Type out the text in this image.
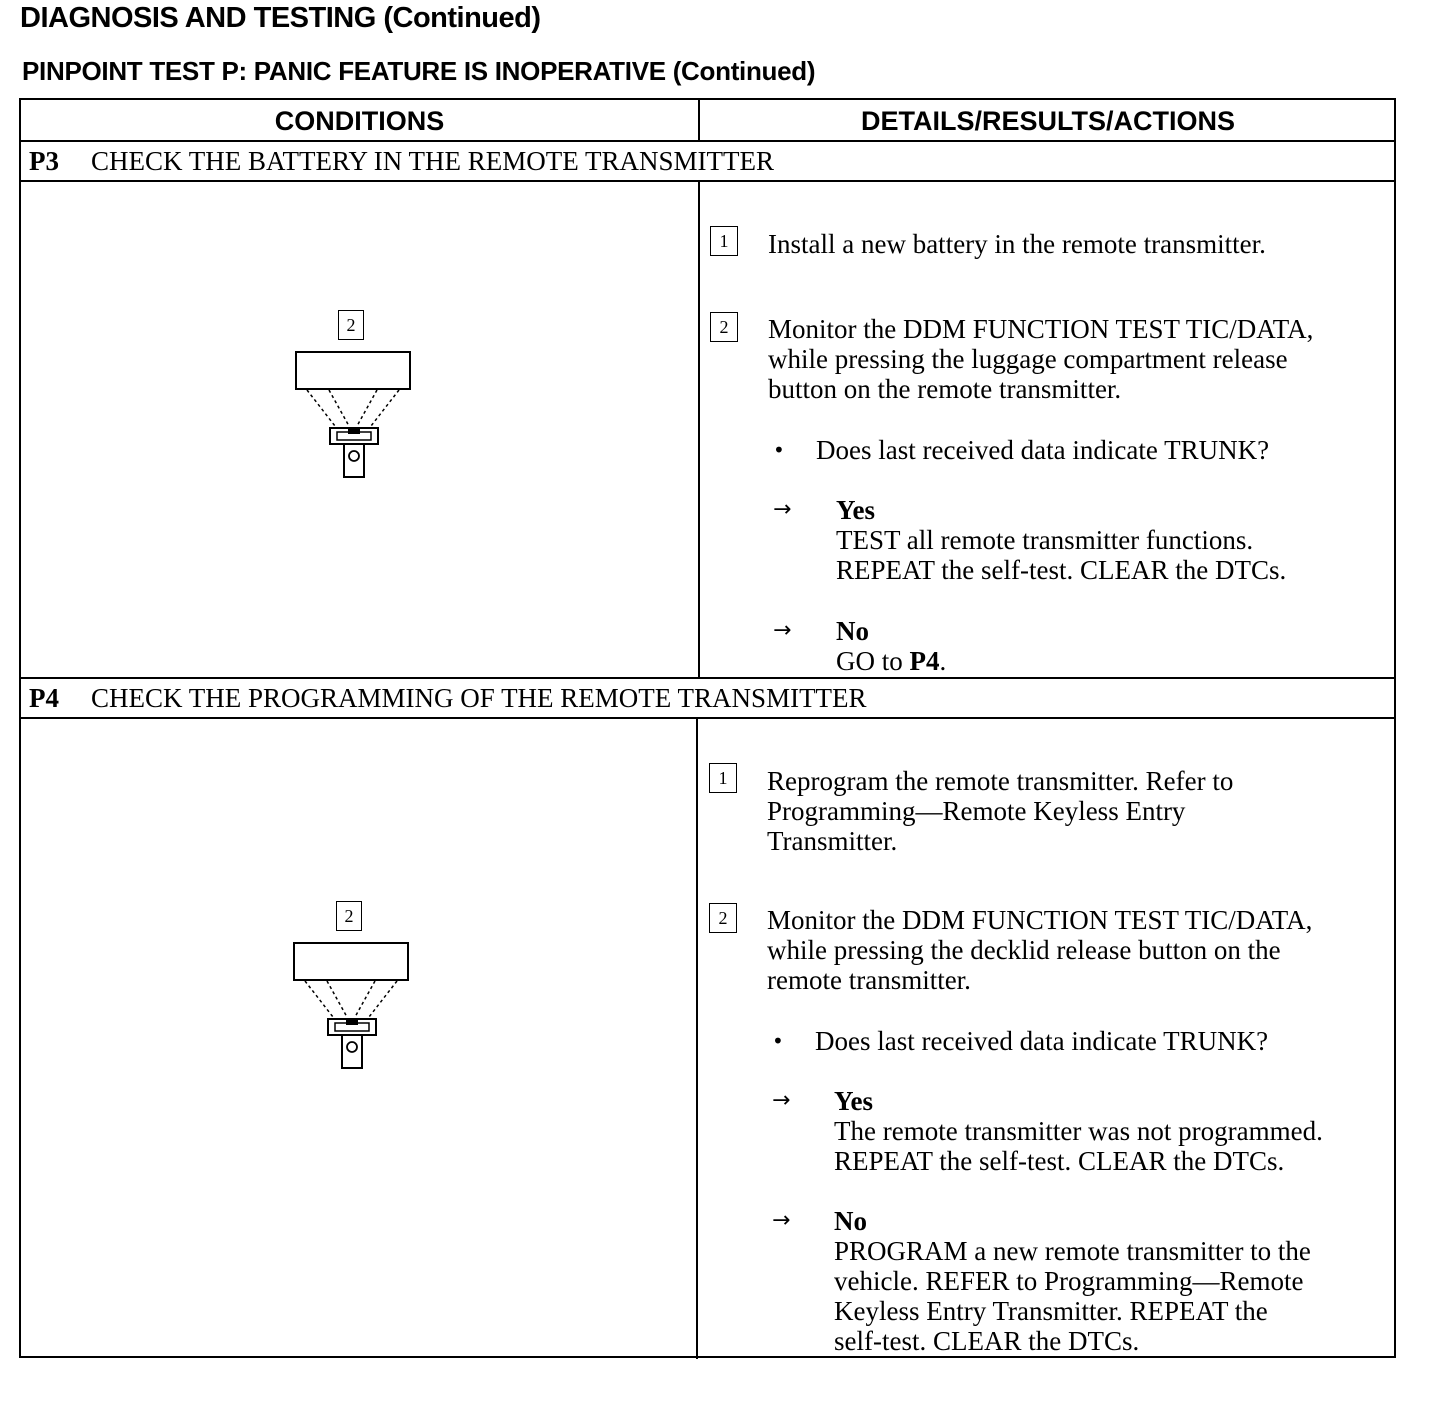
DIAGNOSIS AND TESTING (Continued)
PINPOINT TEST P: PANIC FEATURE IS INOPERATIVE (Continued)
CONDITIONS	DETAILS/RESULTS/ACTIONS
P3 CHECK THE BATTERY IN THE REMOTE TRANSMITTER
2
1	Install a new battery in the remote transmitter.
2	Monitor the DDM FUNCTION TEST TIC/DATA,
while pressing the luggage compartment release
button on the remote transmitter.
• Does last received data indicate TRUNK?
→ Yes
TEST all remote transmitter functions.
REPEAT the self-test. CLEAR the DTCs.
→ No
GO to P4.
P4 CHECK THE PROGRAMMING OF THE REMOTE TRANSMITTER
2
1	Reprogram the remote transmitter. Refer to
Programming—Remote Keyless Entry
Transmitter.
2	Monitor the DDM FUNCTION TEST TIC/DATA,
while pressing the decklid release button on the
remote transmitter.
• Does last received data indicate TRUNK?
→ Yes
The remote transmitter was not programmed.
REPEAT the self-test. CLEAR the DTCs.
→ No
PROGRAM a new remote transmitter to the
vehicle. REFER to Programming—Remote
Keyless Entry Transmitter. REPEAT the
self-test. CLEAR the DTCs.
